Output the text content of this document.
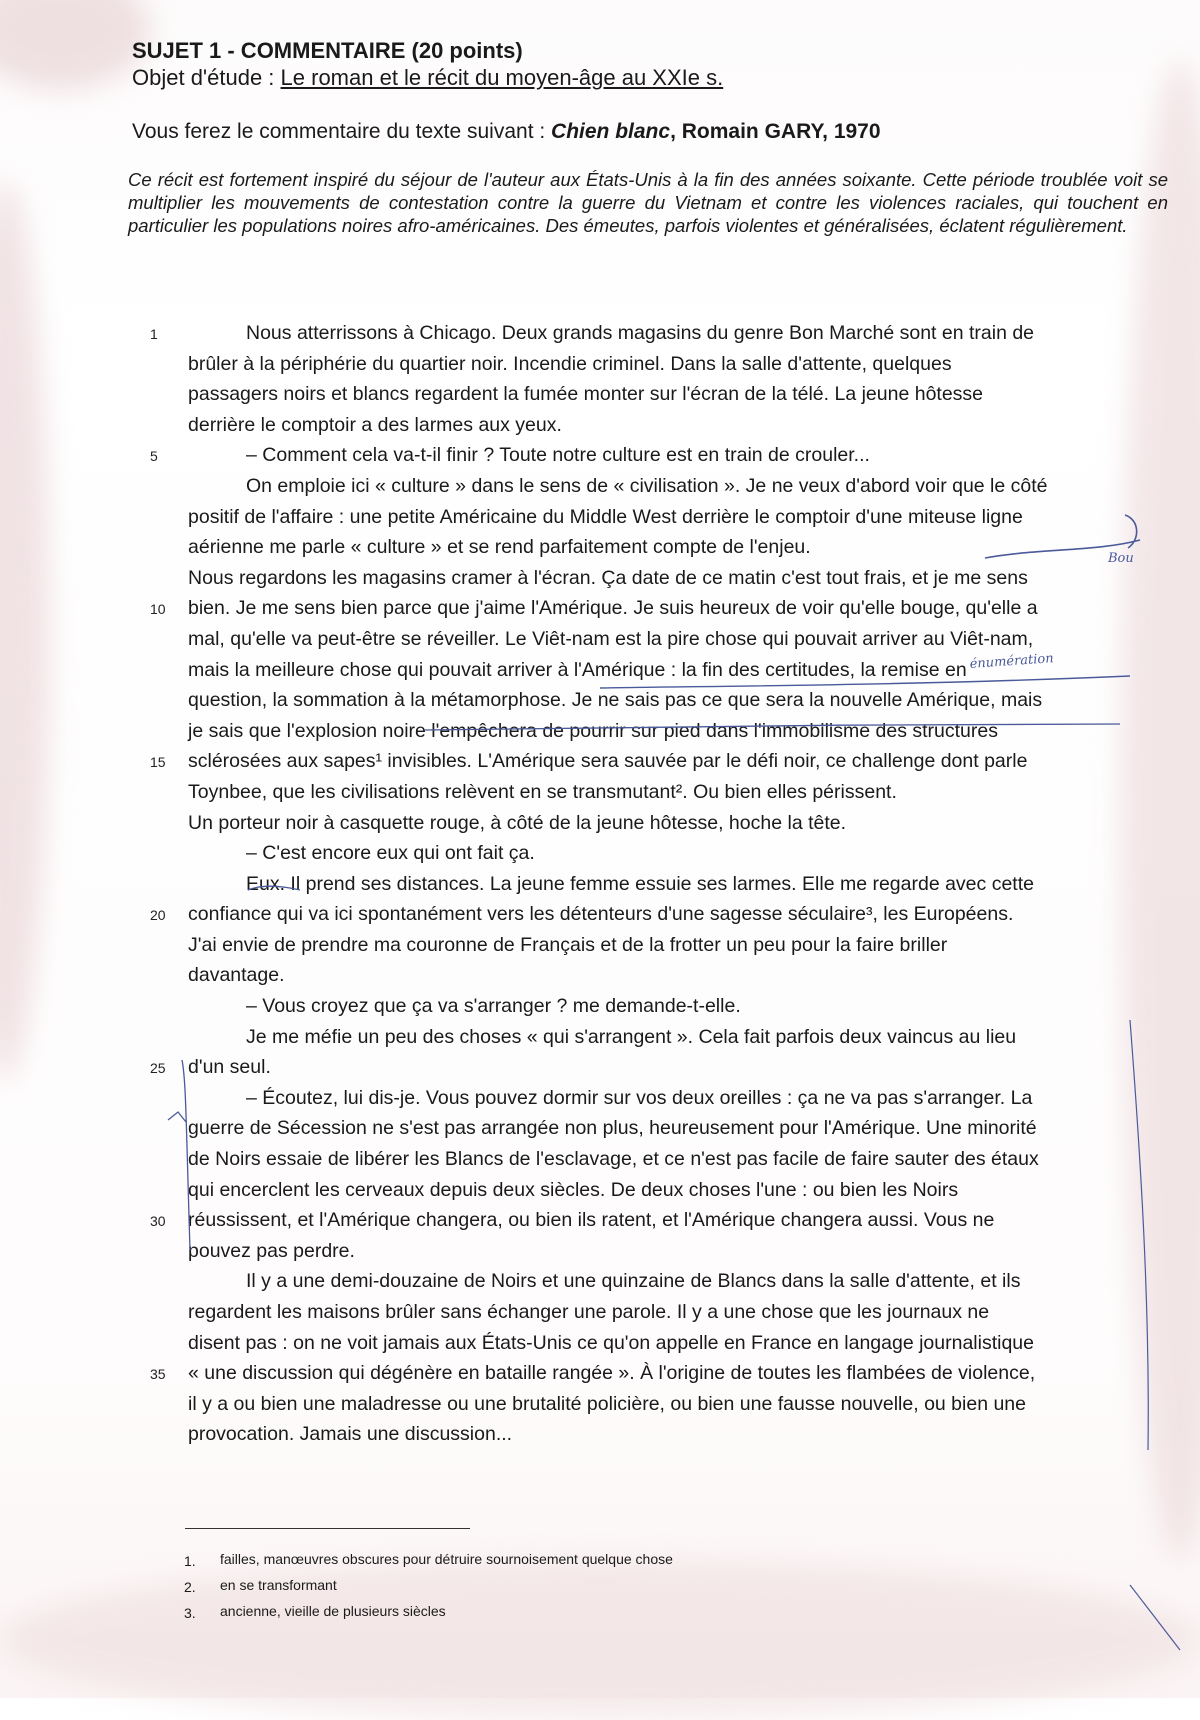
SUJET 1 - COMMENTAIRE (20 points)
Objet d'étude : Le roman et le récit du moyen-âge au XXIe s.
Vous ferez le commentaire du texte suivant : Chien blanc, Romain GARY, 1970
Ce récit est fortement inspiré du séjour de l'auteur aux États-Unis à la fin des années soixante. Cette période troublée voit se multiplier les mouvements de contestation contre la guerre du Vietnam et contre les violences raciales, qui touchent en particulier les populations noires afro-américaines. Des émeutes, parfois violentes et généralisées, éclatent régulièrement.
Nous atterrissons à Chicago. Deux grands magasins du genre Bon Marché sont en train de
brûler à la périphérie du quartier noir. Incendie criminel. Dans la salle d'attente, quelques
passagers noirs et blancs regardent la fumée monter sur l'écran de la télé. La jeune hôtesse
derrière le comptoir a des larmes aux yeux.
– Comment cela va-t-il finir ? Toute notre culture est en train de crouler...
On emploie ici « culture » dans le sens de « civilisation ». Je ne veux d'abord voir que le côté
positif de l'affaire : une petite Américaine du Middle West derrière le comptoir d'une miteuse ligne
aérienne me parle « culture » et se rend parfaitement compte de l'enjeu.
Nous regardons les magasins cramer à l'écran. Ça date de ce matin c'est tout frais, et je me sens
bien. Je me sens bien parce que j'aime l'Amérique. Je suis heureux de voir qu'elle bouge, qu'elle a
mal, qu'elle va peut-être se réveiller. Le Viêt-nam est la pire chose qui pouvait arriver au Viêt-nam,
mais la meilleure chose qui pouvait arriver à l'Amérique : la fin des certitudes, la remise en
question, la sommation à la métamorphose. Je ne sais pas ce que sera la nouvelle Amérique, mais
je sais que l'explosion noire l'empêchera de pourrir sur pied dans l'immobilisme des structures
sclérosées aux sapes¹ invisibles. L'Amérique sera sauvée par le défi noir, ce challenge dont parle
Toynbee, que les civilisations relèvent en se transmutant². Ou bien elles périssent.
Un porteur noir à casquette rouge, à côté de la jeune hôtesse, hoche la tête.
– C'est encore eux qui ont fait ça.
Eux. Il prend ses distances. La jeune femme essuie ses larmes. Elle me regarde avec cette
confiance qui va ici spontanément vers les détenteurs d'une sagesse séculaire³, les Européens.
J'ai envie de prendre ma couronne de Français et de la frotter un peu pour la faire briller
davantage.
– Vous croyez que ça va s'arranger ? me demande-t-elle.
Je me méfie un peu des choses « qui s'arrangent ». Cela fait parfois deux vaincus au lieu
d'un seul.
– Écoutez, lui dis-je. Vous pouvez dormir sur vos deux oreilles : ça ne va pas s'arranger. La
guerre de Sécession ne s'est pas arrangée non plus, heureusement pour l'Amérique. Une minorité
de Noirs essaie de libérer les Blancs de l'esclavage, et ce n'est pas facile de faire sauter des étaux
qui encerclent les cerveaux depuis deux siècles. De deux choses l'une : ou bien les Noirs
réussissent, et l'Amérique changera, ou bien ils ratent, et l'Amérique changera aussi. Vous ne
pouvez pas perdre.
Il y a une demi-douzaine de Noirs et une quinzaine de Blancs dans la salle d'attente, et ils
regardent les maisons brûler sans échanger une parole. Il y a une chose que les journaux ne
disent pas : on ne voit jamais aux États-Unis ce qu'on appelle en France en langage journalistique
« une discussion qui dégénère en bataille rangée ». À l'origine de toutes les flambées de violence,
il y a ou bien une maladresse ou une brutalité policière, ou bien une fausse nouvelle, ou bien une
provocation. Jamais une discussion...
1
5
10
15
20
25
30
35
1. failles, manœuvres obscures pour détruire sournoisement quelque chose
2. en se transformant
3. ancienne, vieille de plusieurs siècles
énumération
Bou
